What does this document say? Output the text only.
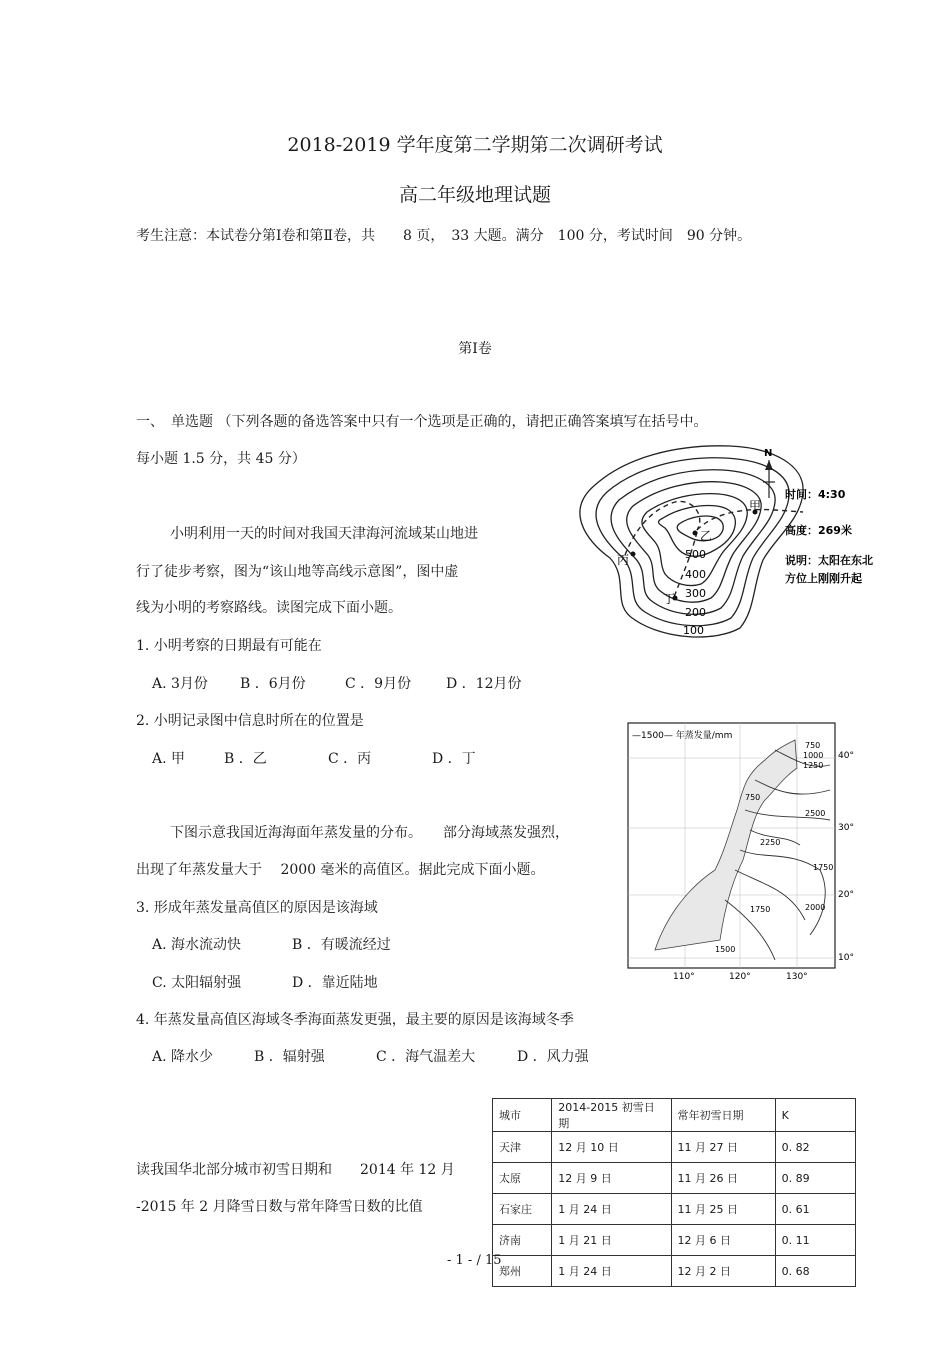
2018-2019 学年度第二学期第二次调研考试
高二年级地理试题
考生注意：本试卷分第Ⅰ卷和第Ⅱ卷，共　　8 页，　33 大题。满分　100 分，考试时间　90 分钟。
第Ⅰ卷
一、　单选题 （下列各题的备选答案中只有一个选项是正确的，请把正确答案填写在括号中。
每小题 1.5 分，共 45 分）
小明利用一天的时间对我国天津海河流域某山地进
行了徒步考察，图为“该山地等高线示意图”，图中虚
线为小明的考察路线。读图完成下面小题。
1. 小明考察的日期最有可能在
A. 3月份 B ．6月份	C ．9月份 D ．12月份
2. 小明记录图中信息时所在的位置是
A. 甲	B ．乙	C ．丙	D ．丁
下图示意我国近海海面年蒸发量的分布。　　部分海域蒸发强烈，
出现了年蒸发量大于　 2000 毫米的高值区。据此完成下面小题。
3. 形成年蒸发量高值区的原因是该海域
A. 海水流动快	B ．有暖流经过
C. 太阳辐射强	D ．靠近陆地
4. 年蒸发量高值区海域冬季海面蒸发更强，最主要的原因是该海域冬季
A. 降水少	B ．辐射强	C ．海气温差大	D ．风力强
读我国华北部分城市初雪日期和　　2014 年 12 月
-2015 年 2 月降雪日数与常年降雪日数的比值
乙
丙
丁
甲
500
400
300
200
100
N
时间：4:30
高度：269米
说明：太阳在东北
方位上刚刚升起
—1500— 年蒸发量/mm
750
1000
1250
750
2500
2250
1750
2000
1750
1500
40°
30°
20°
10°
110°	120°	130°
城市	2014-2015 初雪日期	常年初雪日期	K
天津	12 月 10 日	11 月 27 日	0. 82
太原	12 月 9 日	11 月 26 日	0. 89
石家庄	1 月 24 日	11 月 25 日	0. 61
济南	1 月 21 日	12 月 6 日	0. 11
郑州	1 月 24 日	12 月 2 日	0. 68
- 1 - / 15
